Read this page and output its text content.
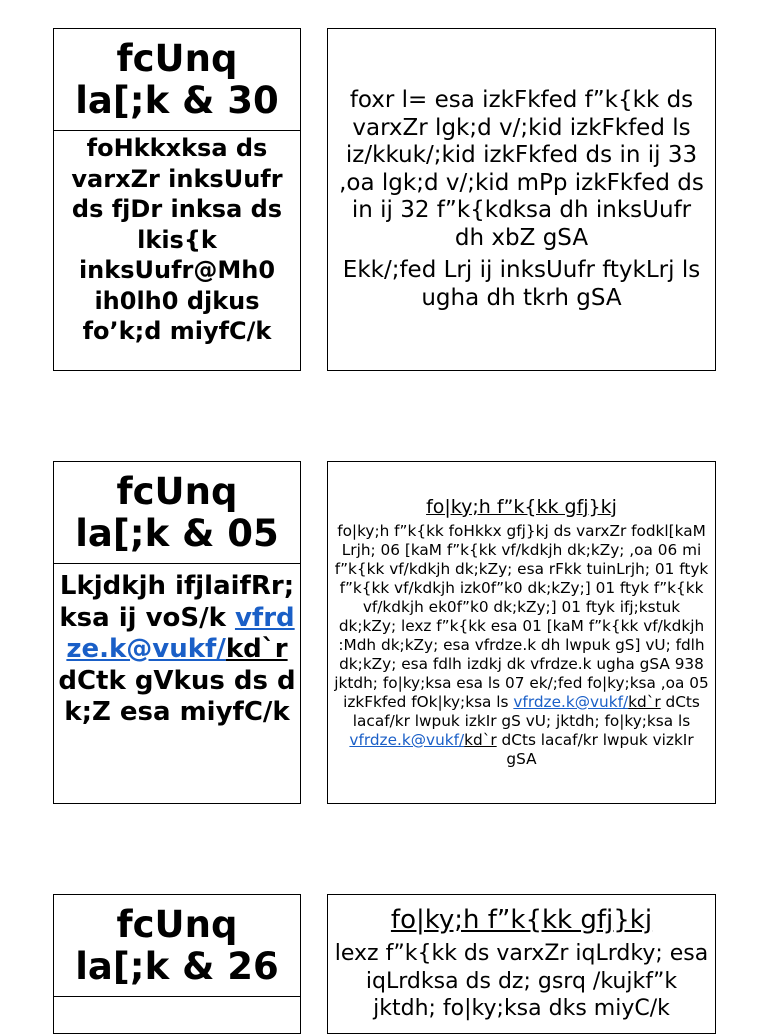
fcUnq
la[;k & 30
foHkkxksa ds varxZr inksUufr ds fjDr inksa ds lkis{k inksUufr@Mh0 ih0lh0 djkus fo’k;d miyfC/k
foxr l= esa izkFkfed f”k{kk ds varxZr lgk;d v/;kid izkFkfed ls iz/kkuk/;kid izkFkfed ds in ij 33 ,oa lgk;d v/;kid mPp izkFkfed ds in ij 32 f”k{kdksa dh inksUufr dh xbZ gSA
Ekk/;fed Lrj ij inksUufr ftykLrj ls ugha dh tkrh gSA
fcUnq
la[;k & 05
Lkjdkjh ifjlaifRr;ksa ij voS/k vfrdze.k@vukf/kd`r dCtk gVkus ds dk;Z esa miyfC/k
fo|ky;h f”k{kk gfj}kj
fo|ky;h f”k{kk foHkkx gfj}kj ds varxZr fodkl[kaM Lrjh; 06 [kaM f”k{kk vf/kdkjh dk;kZy; ,oa 06 mi f”k{kk vf/kdkjh dk;kZy; esa rFkk tuinLrjh; 01 ftyk f”k{kk vf/kdkjh izk0f”k0 dk;kZy;] 01 ftyk f”k{kk vf/kdkjh ek0f”k0 dk;kZy;] 01 ftyk ifj;kstuk dk;kZy; lexz f”k{kk esa 01 [kaM f”k{kk vf/kdkjh :Mdh dk;kZy; esa vfrdze.k dh lwpuk gS] vU; fdlh dk;kZy; esa fdlh izdkj dk vfrdze.k ugha gSA 938 jktdh; fo|ky;ksa esa ls 07 ek/;fed fo|ky;ksa ,oa 05 izkFkfed fOk|ky;ksa ls vfrdze.k@vukf/kd`r dCts lacaf/kr lwpuk izkIr gS vU; jktdh; fo|ky;ksa ls vfrdze.k@vukf/kd`r dCts lacaf/kr lwpuk vizkIr gSA
fcUnq
la[;k & 26
fo|ky;h f”k{kk gfj}kj
lexz f”k{kk ds varxZr iqLrdky; esa iqLrdksa ds dz; gsrq /kujkf”k jktdh; fo|ky;ksa dks miyC/k
